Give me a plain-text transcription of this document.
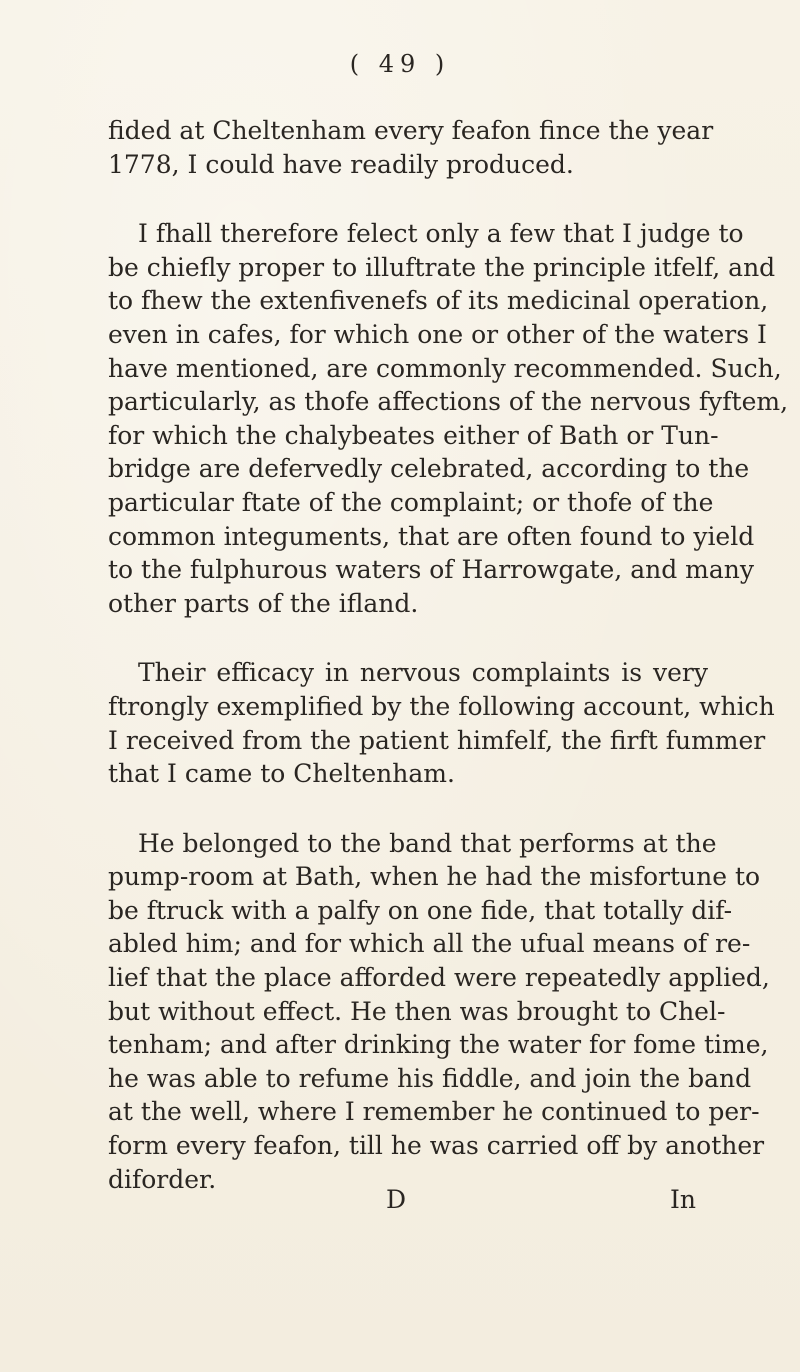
( 49 )
fided at Cheltenham every feafon fince the year
1778, I could have readily produced.
I fhall therefore felect only a few that I judge to
be chiefly proper to illuftrate the principle itfelf, and
to fhew the extenfivenefs of its medicinal operation,
even in cafes, for which one or other of the waters I
have mentioned, are commonly recommended. Such,
particularly, as thofe affections of the nervous fyftem,
for which the chalybeates either of Bath or Tun-
bridge are defervedly celebrated, according to the
particular ftate of the complaint; or thofe of the
common integuments, that are often found to yield
to the fulphurous waters of Harrowgate, and many
other parts of the ifland.
Their efficacy in nervous complaints is very
ftrongly exemplified by the following account, which
I received from the patient himfelf, the firft fummer
that I came to Cheltenham.
He belonged to the band that performs at the
pump-room at Bath, when he had the misfortune to
be ftruck with a palfy on one fide, that totally dif-
abled him; and for which all the ufual means of re-
lief that the place afforded were repeatedly applied,
but without effect. He then was brought to Chel-
tenham; and after drinking the water for fome time,
he was able to refume his fiddle, and join the band
at the well, where I remember he continued to per-
form every feafon, till he was carried off by another
diforder.
D	In
